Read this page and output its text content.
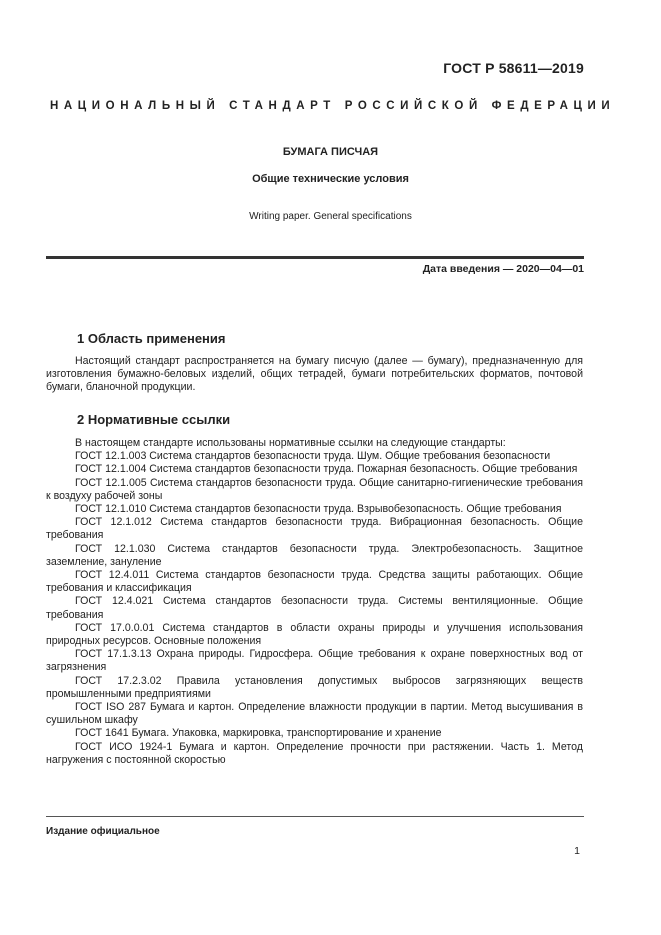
ГОСТ Р 58611—2019
НАЦИОНАЛЬНЫЙ СТАНДАРТ РОССИЙСКОЙ ФЕДЕРАЦИИ
БУМАГА ПИСЧАЯ
Общие технические условия
Writing paper. General specifications
Дата введения — 2020—04—01
1 Область применения
Настоящий стандарт распространяется на бумагу писчую (далее — бумагу), предназначенную для изготовления бумажно-беловых изделий, общих тетрадей, бумаги потребительских форматов, почтовой бумаги, бланочной продукции.
2 Нормативные ссылки
В настоящем стандарте использованы нормативные ссылки на следующие стандарты:
ГОСТ 12.1.003 Система стандартов безопасности труда. Шум. Общие требования безопасности
ГОСТ 12.1.004 Система стандартов безопасности труда. Пожарная безопасность. Общие требования
ГОСТ 12.1.005 Система стандартов безопасности труда. Общие санитарно-гигиенические требования к воздуху рабочей зоны
ГОСТ 12.1.010 Система стандартов безопасности труда. Взрывобезопасность. Общие требования
ГОСТ 12.1.012 Система стандартов безопасности труда. Вибрационная безопасность. Общие требования
ГОСТ 12.1.030 Система стандартов безопасности труда. Электробезопасность. Защитное заземление, зануление
ГОСТ 12.4.011 Система стандартов безопасности труда. Средства защиты работающих. Общие требования и классификация
ГОСТ 12.4.021 Система стандартов безопасности труда. Системы вентиляционные. Общие требования
ГОСТ 17.0.0.01 Система стандартов в области охраны природы и улучшения использования природных ресурсов. Основные положения
ГОСТ 17.1.3.13 Охрана природы. Гидросфера. Общие требования к охране поверхностных вод от загрязнения
ГОСТ 17.2.3.02 Правила установления допустимых выбросов загрязняющих веществ промышленными предприятиями
ГОСТ ISO 287 Бумага и картон. Определение влажности продукции в партии. Метод высушивания в сушильном шкафу
ГОСТ 1641 Бумага. Упаковка, маркировка, транспортирование и хранение
ГОСТ ИСО 1924-1 Бумага и картон. Определение прочности при растяжении. Часть 1. Метод нагружения с постоянной скоростью
Издание официальное
1
